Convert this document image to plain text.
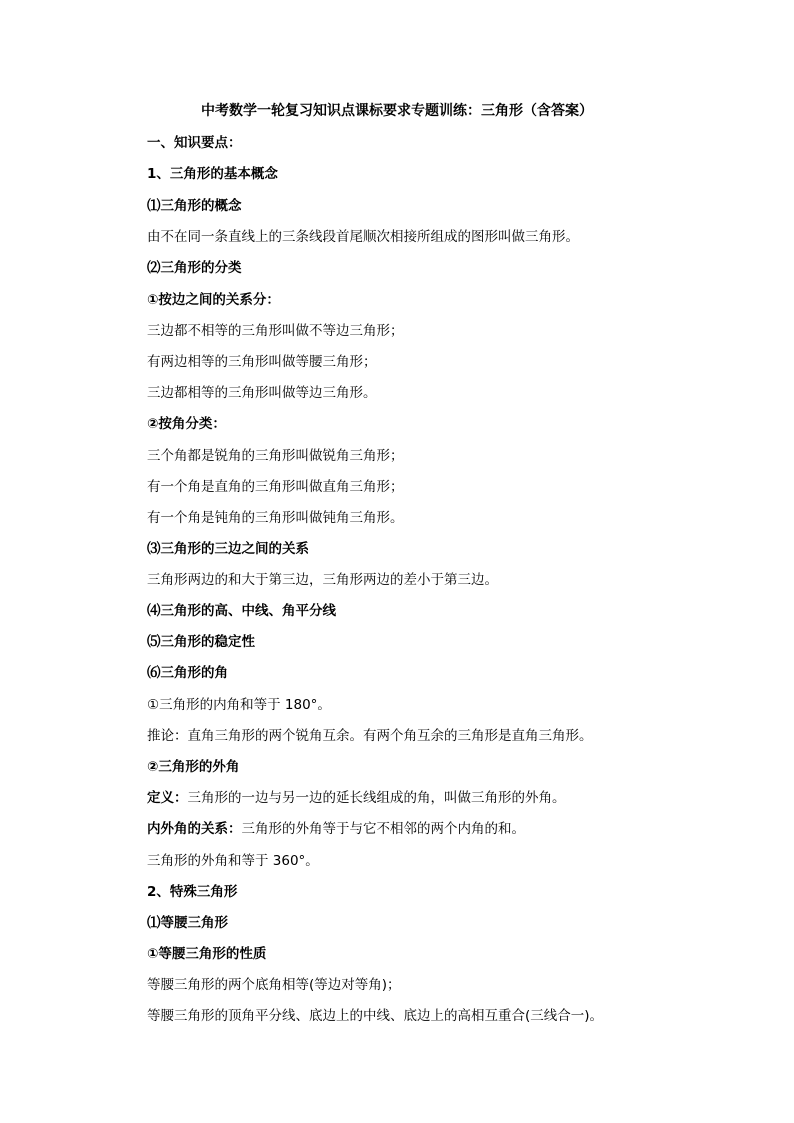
中考数学一轮复习知识点课标要求专题训练：三角形（含答案）

一、知识要点：

1、三角形的基本概念

⑴三角形的概念

由不在同一条直线上的三条线段首尾顺次相接所组成的图形叫做三角形。

⑵三角形的分类

①按边之间的关系分：

三边都不相等的三角形叫做不等边三角形；

有两边相等的三角形叫做等腰三角形；

三边都相等的三角形叫做等边三角形。

②按角分类：

三个角都是锐角的三角形叫做锐角三角形；

有一个角是直角的三角形叫做直角三角形；

有一个角是钝角的三角形叫做钝角三角形。

⑶三角形的三边之间的关系

三角形两边的和大于第三边，三角形两边的差小于第三边。

⑷三角形的高、中线、角平分线

⑸三角形的稳定性

⑹三角形的角

①三角形的内角和等于 180°。

推论：直角三角形的两个锐角互余。有两个角互余的三角形是直角三角形。

②三角形的外角

定义：三角形的一边与另一边的延长线组成的角，叫做三角形的外角。

内外角的关系：三角形的外角等于与它不相邻的两个内角的和。

三角形的外角和等于 360°。

2、特殊三角形

⑴等腰三角形

①等腰三角形的性质

等腰三角形的两个底角相等(等边对等角)；

等腰三角形的顶角平分线、底边上的中线、底边上的高相互重合(三线合一)。
